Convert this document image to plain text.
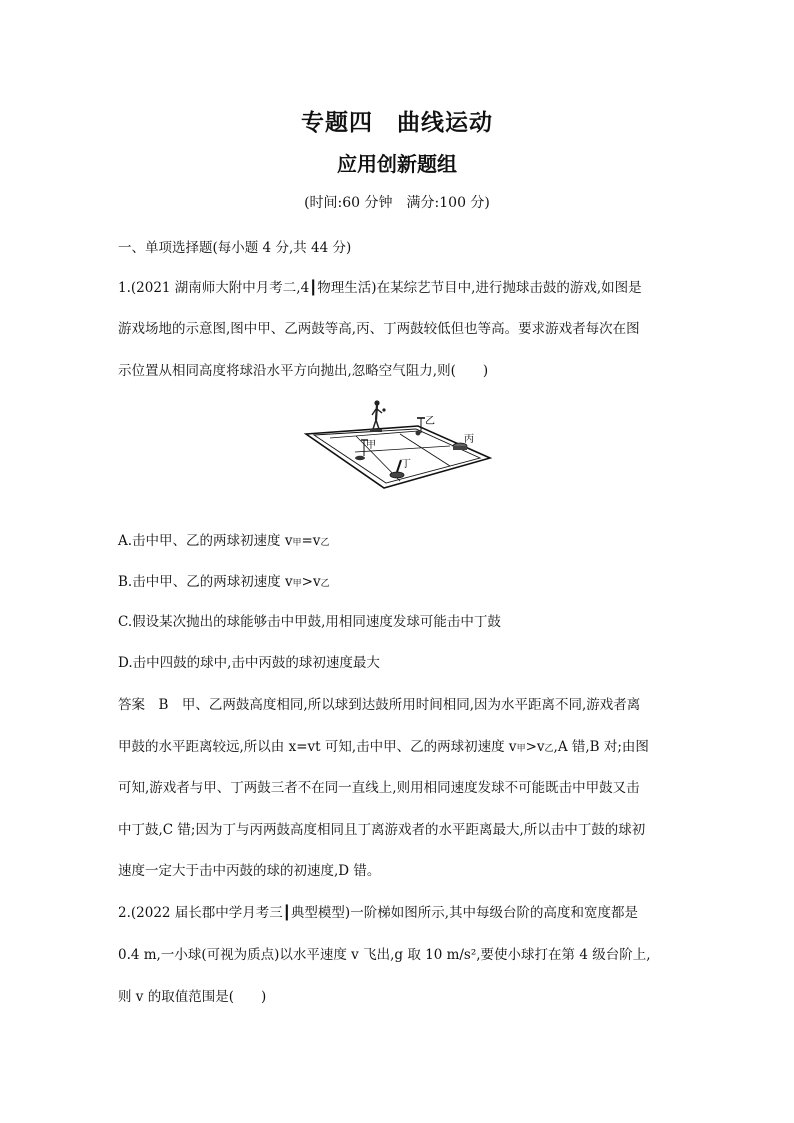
专题四　曲线运动
应用创新题组
(时间:60 分钟　满分:100 分)
一、单项选择题(每小题 4 分,共 44 分)
1.(2021 湖南师大附中月考二,4┃物理生活)在某综艺节目中,进行抛球击鼓的游戏,如图是
游戏场地的示意图,图中甲、乙两鼓等高,丙、丁两鼓较低但也等高。要求游戏者每次在图
示位置从相同高度将球沿水平方向抛出,忽略空气阻力,则(　　)
甲
乙
丙
丁
A.击中甲、乙的两球初速度 v甲=v乙
B.击中甲、乙的两球初速度 v甲>v乙
C.假设某次抛出的球能够击中甲鼓,用相同速度发球可能击中丁鼓
D.击中四鼓的球中,击中丙鼓的球初速度最大
答案　B　甲、乙两鼓高度相同,所以球到达鼓所用时间相同,因为水平距离不同,游戏者离
甲鼓的水平距离较远,所以由 x=vt 可知,击中甲、乙的两球初速度 v甲>v乙,A 错,B 对;由图
可知,游戏者与甲、丁两鼓三者不在同一直线上,则用相同速度发球不可能既击中甲鼓又击
中丁鼓,C 错;因为丁与丙两鼓高度相同且丁离游戏者的水平距离最大,所以击中丁鼓的球初
速度一定大于击中丙鼓的球的初速度,D 错。
2.(2022 届长郡中学月考三┃典型模型)一阶梯如图所示,其中每级台阶的高度和宽度都是
0.4 m,一小球(可视为质点)以水平速度 v 飞出,g 取 10 m/s²,要使小球打在第 4 级台阶上,
则 v 的取值范围是(　　)
